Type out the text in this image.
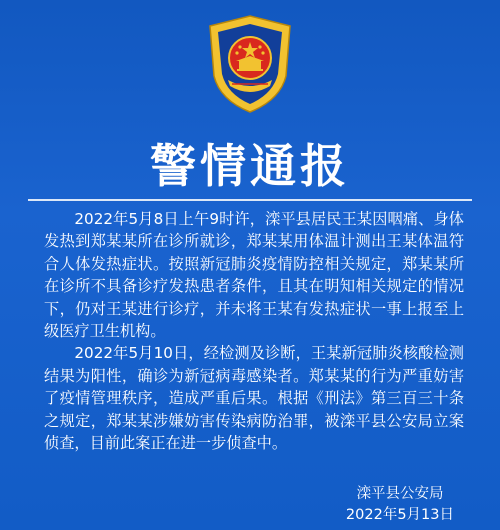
警情通报

2022年5月8日上午9时许，滦平县居民王某因咽痛、身体发热到郑某某所在诊所就诊，郑某某用体温计测出王某体温符合人体发热症状。按照新冠肺炎疫情防控相关规定，郑某某所在诊所不具备诊疗发热患者条件，且其在明知相关规定的情况下，仍对王某进行诊疗，并未将王某有发热症状一事上报至上级医疗卫生机构。

2022年5月10日，经检测及诊断，王某新冠肺炎核酸检测结果为阳性，确诊为新冠病毒感染者。郑某某的行为严重妨害了疫情管理秩序，造成严重后果。根据《刑法》第三百三十条之规定，郑某某涉嫌妨害传染病防治罪，被滦平县公安局立案侦查，目前此案正在进一步侦查中。

滦平县公安局
2022年5月13日
